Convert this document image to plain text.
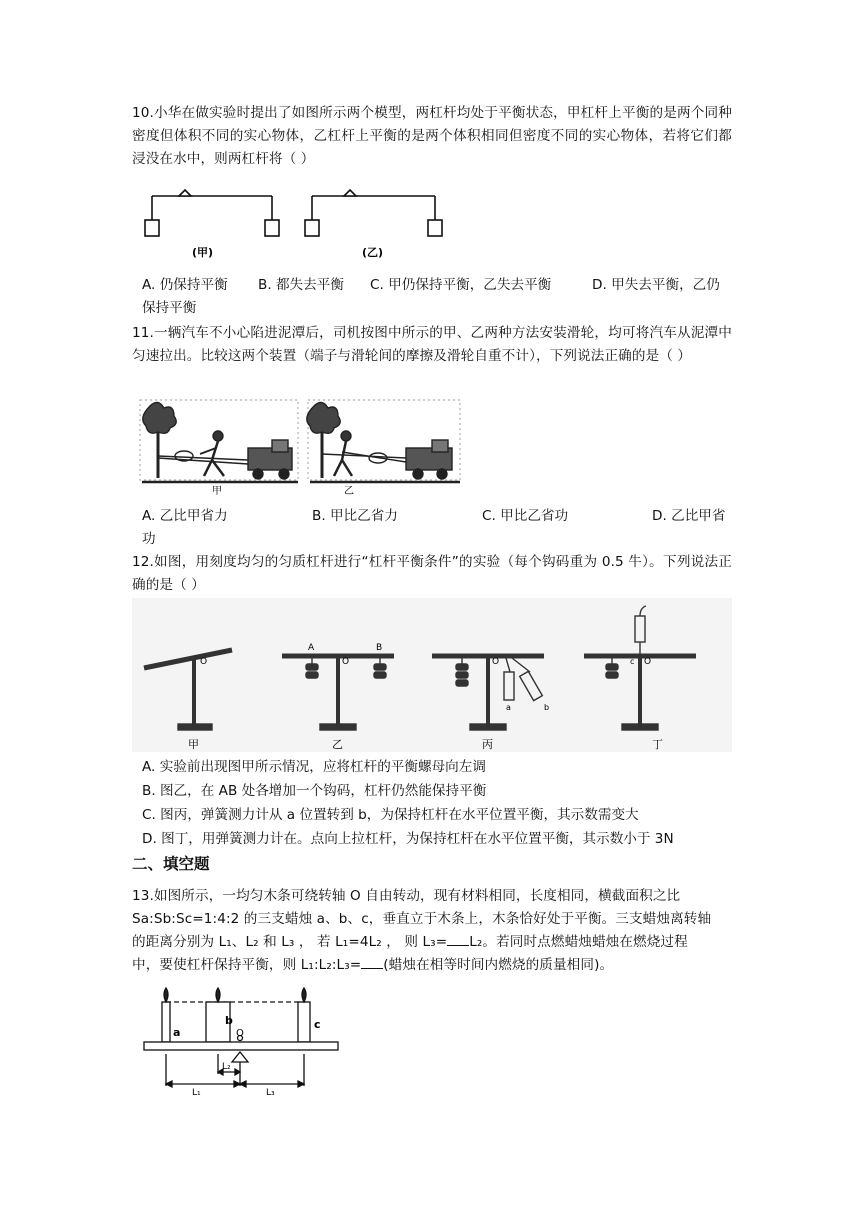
10.小华在做实验时提出了如图所示两个模型，两杠杆均处于平衡状态，甲杠杆上平衡的是两个同种密度但体积不同的实心物体，乙杠杆上平衡的是两个体积相同但密度不同的实心物体，若将它们都浸没在水中，则两杠杆将（ ）
(甲)	(乙)
A. 仍保持平衡 B. 都失去平衡 C. 甲仍保持平衡，乙失去平衡	D. 甲失去平衡，乙仍
保持平衡
11.一辆汽车不小心陷进泥潭后，司机按图中所示的甲、乙两种方法安装滑轮，均可将汽车从泥潭中匀速拉出。比较这两个装置（端子与滑轮间的摩擦及滑轮自重不计），下列说法正确的是（ ）
甲	乙
A. 乙比甲省力	B. 甲比乙省力	C. 甲比乙省功	D. 乙比甲省
功
12.如图，用刻度均匀的匀质杠杆进行“杠杆平衡条件”的实验（每个钩码重为 0.5 牛）。下列说法正确的是（ ）
O
A
O
B
O
a	b
c O
甲	乙	丙	丁
A. 实验前出现图甲所示情况，应将杠杆的平衡螺母向左调
B. 图乙，在 AB 处各增加一个钩码，杠杆仍然能保持平衡
C. 图丙，弹簧测力计从 a 位置转到 b，为保持杠杆在水平位置平衡，其示数需变大
D. 图丁，用弹簧测力计在。点向上拉杠杆，为保持杠杆在水平位置平衡，其示数小于 3N
二、填空题
13.如图所示，一均匀木条可绕转轴 O 自由转动，现有材料相同，长度相同，横截面积之比
Sa:Sb:Sc=1:4:2 的三支蜡烛 a、b、c，垂直立于木条上，木条恰好处于平衡。三支蜡烛离转轴
的距离分别为 L₁、L₂ 和 L₃ ， 若 L₁=4L₂ ， 则 L₃= L₂。若同时点燃蜡烛蜡烛在燃烧过程
中，要使杠杆保持平衡，则 L₁:L₂:L₃= (蜡烛在相等时间内燃烧的质量相同)。
a
b	c
O
L₁
L₂
L₃
